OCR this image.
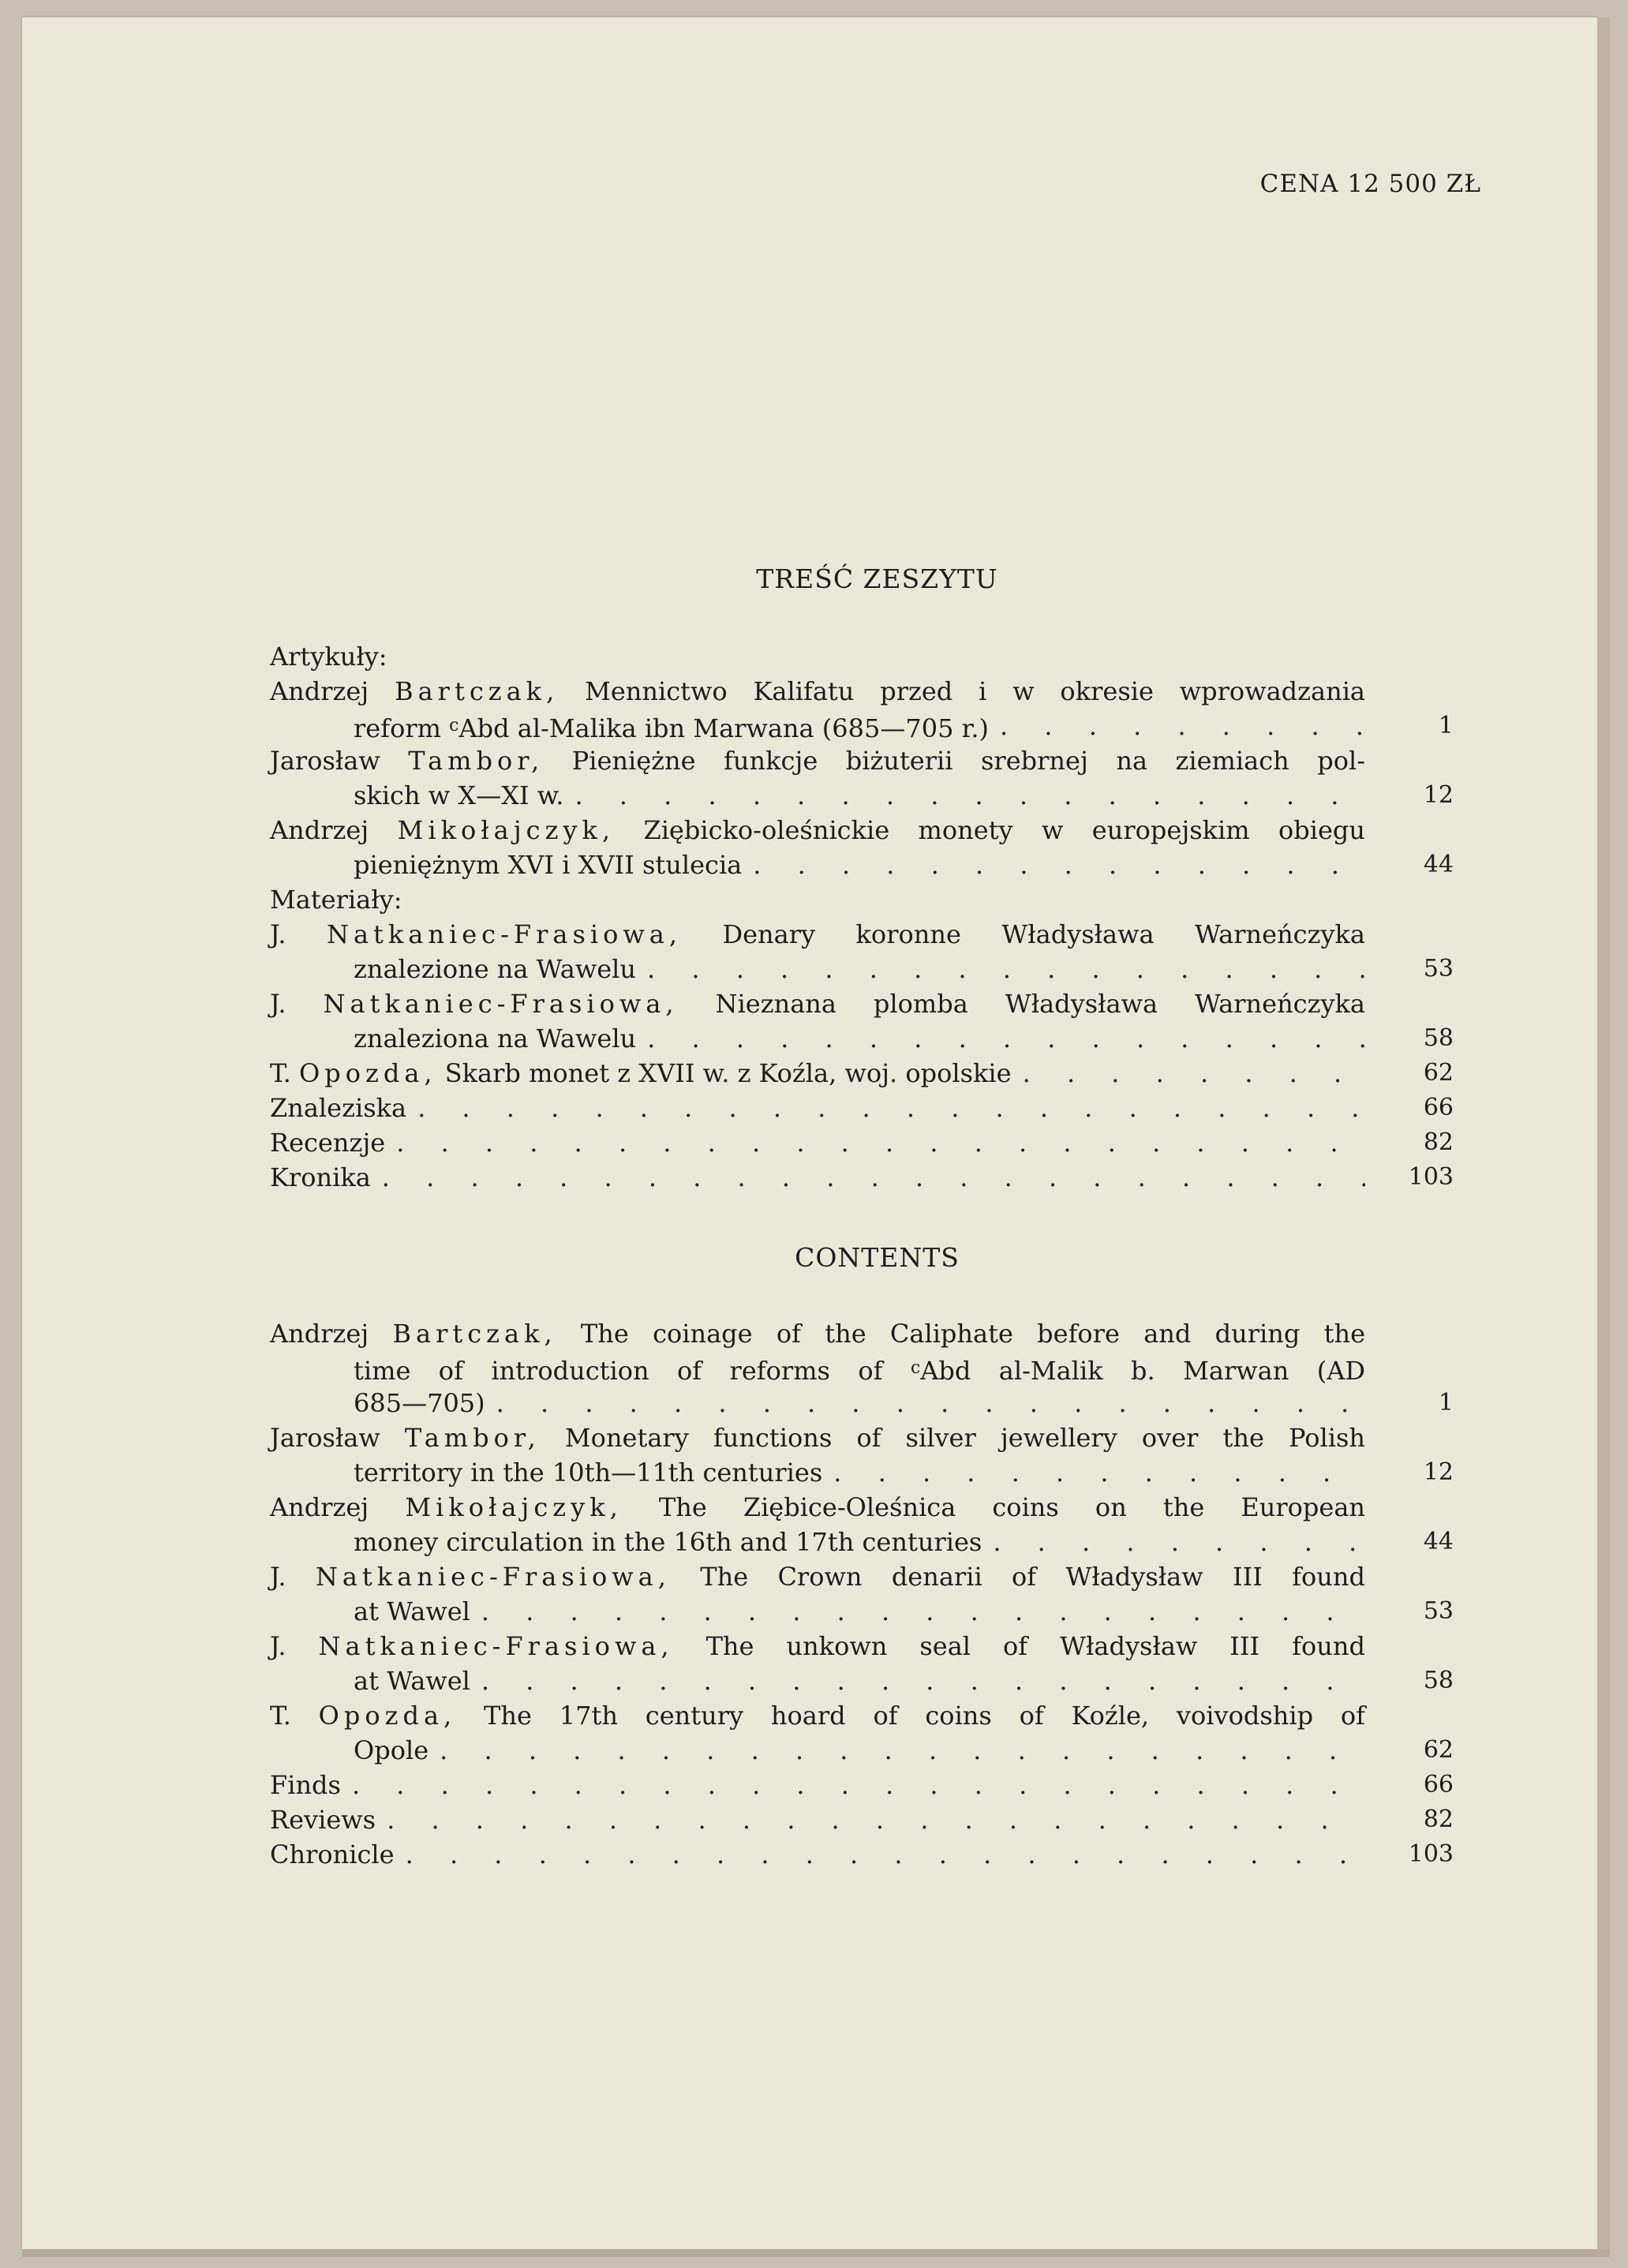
CENA 12 500 ZŁ
TREŚĆ ZESZYTU
Artykuły:
Andrzej Bartczak, Mennictwo Kalifatu przed i w okresie wprowadzania
reform $^c$Abd al-Malika ibn Marwana (685—705 r.) . . .	1
Jarosław Tambor, Pieniężne funkcje biżuterii srebrnej na ziemiach pol-
skich w X—XI w. . . .	12
Andrzej Mikołajczyk, Ziębicko-oleśnickie monety w europejskim obiegu
pieniężnym XVI i XVII stulecia . . .	44
Materiały:
J. Natkaniec-Frasiowa, Denary koronne Władysława Warneńczyka
znalezione na Wawelu . . .	53
J. Natkaniec-Frasiowa, Nieznana plomba Władysława Warneńczyka
znaleziona na Wawelu . . .	58
T. Opozda, Skarb monet z XVII w. z Koźla, woj. opolskie . . .	62
Znaleziska . . .	66
Recenzje . . .	82
Kronika . . .	103
CONTENTS
Andrzej Bartczak, The coinage of the Caliphate before and during the
time of introduction of reforms of $^c$Abd al-Malik b. Marwan (AD
685—705) . . .	1
Jarosław Tambor, Monetary functions of silver jewellery over the Polish
territory in the 10th—11th centuries . . .	12
Andrzej Mikołajczyk, The Ziębice-Oleśnica coins on the European
money circulation in the 16th and 17th centuries . . .	44
J. Natkaniec-Frasiowa, The Crown denarii of Władysław III found
at Wawel . . .	53
J. Natkaniec-Frasiowa, The unkown seal of Władysław III found
at Wawel . . .	58
T. Opozda, The 17th century hoard of coins of Koźle, voivodship of
Opole . . .	62
Finds . . .	66
Reviews . . .	82
Chronicle . . .	103
